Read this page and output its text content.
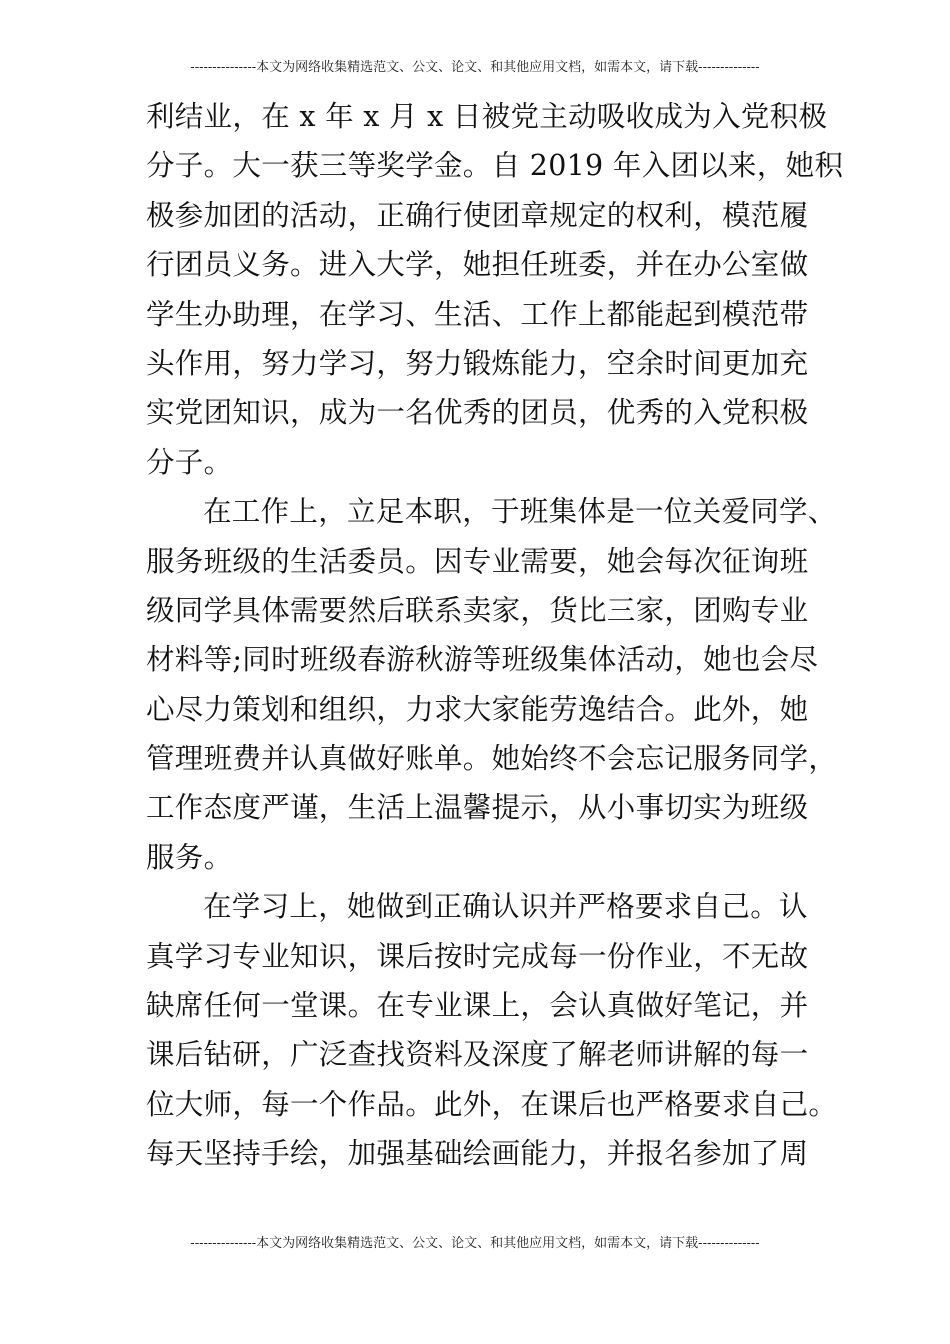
---------------本文为网络收集精选范文、公文、论文、和其他应用文档，如需本文，请下载--------------
利结业，在 x 年 x 月 x 日被党主动吸收成为入党积极
分子。大一获三等奖学金。自 2019 年入团以来，她积
极参加团的活动，正确行使团章规定的权利，模范履
行团员义务。进入大学，她担任班委，并在办公室做
学生办助理，在学习、生活、工作上都能起到模范带
头作用，努力学习，努力锻炼能力，空余时间更加充
实党团知识，成为一名优秀的团员，优秀的入党积极
分子。
在工作上，立足本职，于班集体是一位关爱同学、
服务班级的生活委员。因专业需要，她会每次征询班
级同学具体需要然后联系卖家，货比三家，团购专业
材料等;同时班级春游秋游等班级集体活动，她也会尽
心尽力策划和组织，力求大家能劳逸结合。此外，她
管理班费并认真做好账单。她始终不会忘记服务同学，
工作态度严谨，生活上温馨提示，从小事切实为班级
服务。
在学习上，她做到正确认识并严格要求自己。认
真学习专业知识，课后按时完成每一份作业，不无故
缺席任何一堂课。在专业课上，会认真做好笔记，并
课后钻研，广泛查找资料及深度了解老师讲解的每一
位大师，每一个作品。此外，在课后也严格要求自己。
每天坚持手绘，加强基础绘画能力，并报名参加了周
---------------本文为网络收集精选范文、公文、论文、和其他应用文档，如需本文，请下载--------------
